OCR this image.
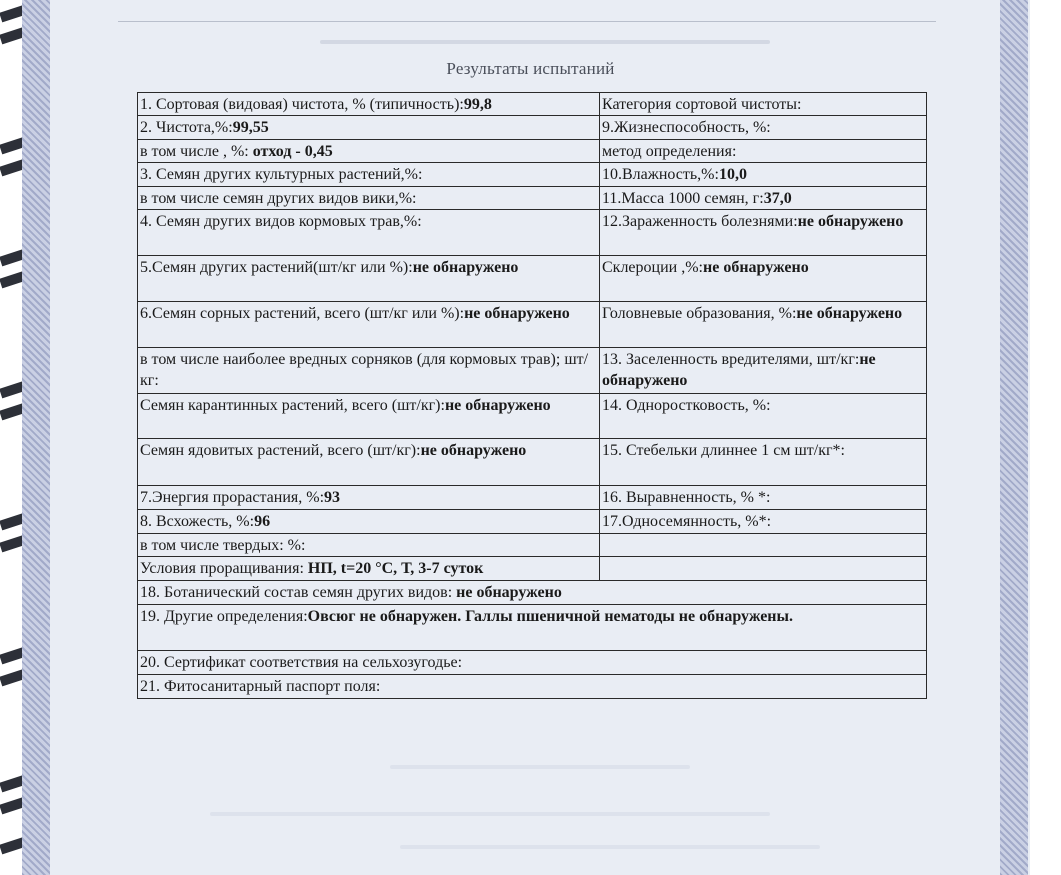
Результаты испытаний
1. Сортовая (видовая) чистота, % (типичность):99,8	Категория сортовой чистоты:
2. Чистота,%:99,55	9.Жизнеспособность, %:
в том числе , %: отход - 0,45	метод определения:
3. Семян других культурных растений,%:	10.Влажность,%:10,0
в том числе семян других видов вики,%:	11.Масса 1000 семян, г:37,0
4. Семян других видов кормовых трав,%:	12.Зараженность болезнями:не обнаружено
5.Семян других растений(шт/кг или %):не обнаружено	Склероции ,%:не обнаружено
6.Семян сорных растений, всего (шт/кг или %):не обнаружено	Головневые образования, %:не обнаружено
в том числе наиболее вредных сорняков (для кормовых трав); шт/кг:	13. Заселенность вредителями, шт/кг:не обнаружено
Семян карантинных растений, всего (шт/кг):не обнаружено	14. Одноростковость, %:
Семян ядовитых растений, всего (шт/кг):не обнаружено	15. Стебельки длиннее 1 см шт/кг*:
7.Энергия прорастания, %:93	16. Выравненность, % *:
8. Всхожесть, %:96	17.Односемянность, %*:
в том числе твердых: %:	
Условия проращивания: НП, t=20 °С, Т, 3-7 суток	
18. Ботанический состав семян других видов: не обнаружено	
19. Другие определения:Овсюг не обнаружен. Галлы пшеничной нематоды не обнаружены.	
20. Сертификат соответствия на сельхозугодье:	
21. Фитосанитарный паспорт поля:	
